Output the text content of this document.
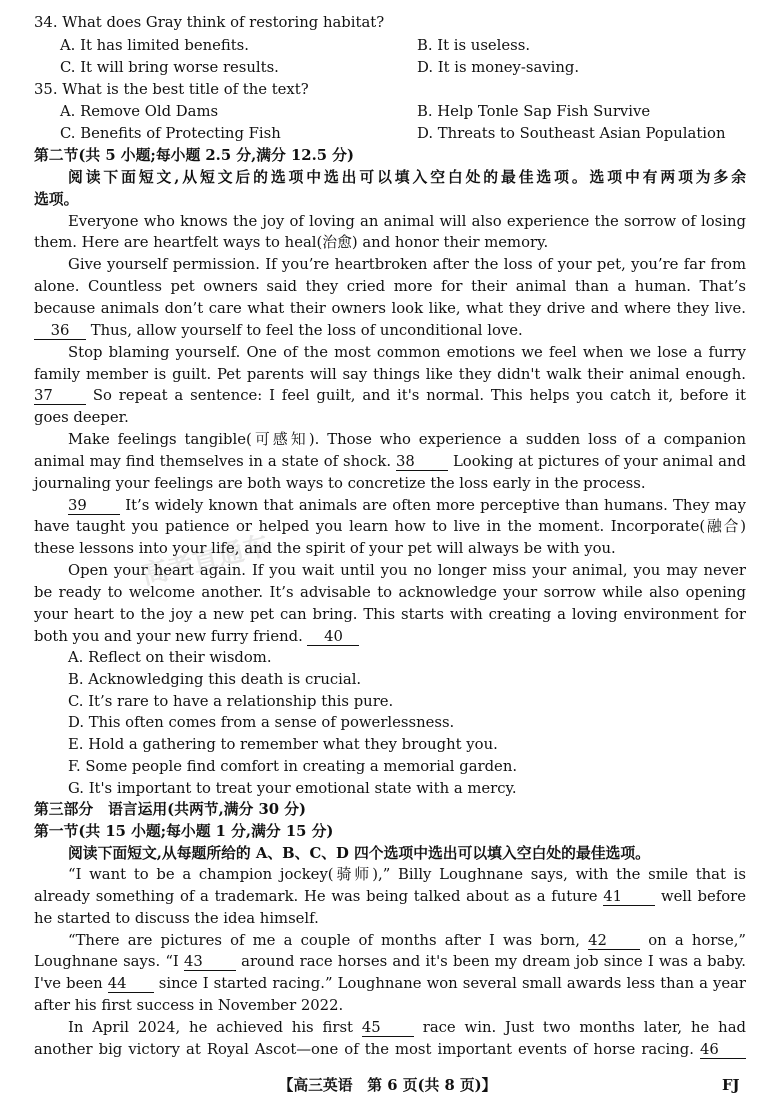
高考直通车
34. What does Gray think of restoring habitat?
A. It has limited benefits.	B. It is useless.
C. It will bring worse results.	D. It is money-saving.
35. What is the best title of the text?
A. Remove Old Dams	B. Help Tonle Sap Fish Survive
C. Benefits of Protecting Fish	D. Threats to Southeast Asian Population
第二节(共 5 小题;每小题 2.5 分,满分 12.5 分)
阅读下面短文,从短文后的选项中选出可以填入空白处的最佳选项。选项中有两项为多余
选项。
Everyone who knows the joy of loving an animal will also experience the sorrow of losing
them. Here are heartfelt ways to heal(治愈) and honor their memory.
Give yourself permission. If you’re heartbroken after the loss of your pet, you’re far from
alone. Countless pet owners said they cried more for their animal than a human. That’s
because animals don’t care what their owners look like, what they drive and where they live.
36 Thus, allow yourself to feel the loss of unconditional love.
Stop blaming yourself. One of the most common emotions we feel when we lose a furry
family member is guilt. Pet parents will say things like they didn't walk their animal enough.
37 So repeat a sentence: I feel guilt, and it's normal. This helps you catch it, before it
goes deeper.
Make feelings tangible(可感知). Those who experience a sudden loss of a companion
animal may find themselves in a state of shock. 38 Looking at pictures of your animal and
journaling your feelings are both ways to concretize the loss early in the process.
39 It’s widely known that animals are often more perceptive than humans. They may
have taught you patience or helped you learn how to live in the moment. Incorporate(融合)
these lessons into your life, and the spirit of your pet will always be with you.
Open your heart again. If you wait until you no longer miss your animal, you may never
be ready to welcome another. It’s advisable to acknowledge your sorrow while also opening
your heart to the joy a new pet can bring. This starts with creating a loving environment for
both you and your new furry friend. 40
A. Reflect on their wisdom.
B. Acknowledging this death is crucial.
C. It’s rare to have a relationship this pure.
D. This often comes from a sense of powerlessness.
E. Hold a gathering to remember what they brought you.
F. Some people find comfort in creating a memorial garden.
G. It's important to treat your emotional state with a mercy.
第三部分　语言运用(共两节,满分 30 分)
第一节(共 15 小题;每小题 1 分,满分 15 分)
阅读下面短文,从每题所给的 A、B、C、D 四个选项中选出可以填入空白处的最佳选项。
“I want to be a champion jockey(骑师),” Billy Loughnane says, with the smile that is
already something of a trademark. He was being talked about as a future 41 well before
he started to discuss the idea himself.
“There are pictures of me a couple of months after I was born, 42 on a horse,”
Loughnane says. “I 43 around race horses and it's been my dream job since I was a baby.
I've been 44 since I started racing.” Loughnane won several small awards less than a year
after his first success in November 2022.
In April 2024, he achieved his first 45 race win. Just two months later, he had
another big victory at Royal Ascot—one of the most important events of horse racing. 46
【高三英语　第 6 页(共 8 页)】	FJ
